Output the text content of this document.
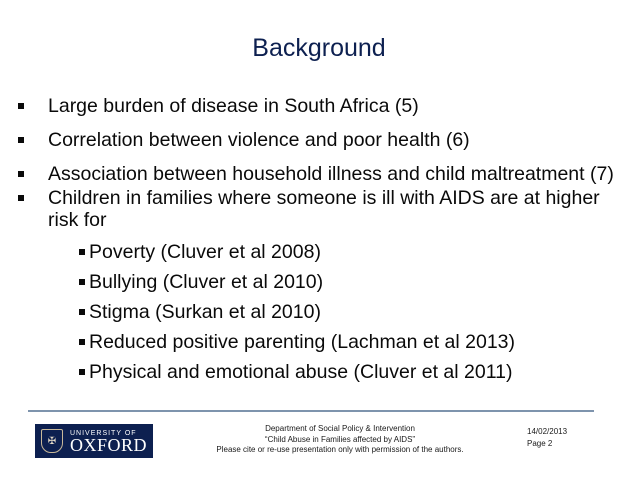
Background
Large burden of disease in South Africa (5)
Correlation between violence and poor health (6)
Association between household illness and child maltreatment (7)
Children in families where someone is ill with AIDS are at higher risk for
Poverty (Cluver et al 2008)
Bullying (Cluver et al 2010)
Stigma (Surkan et al 2010)
Reduced positive parenting (Lachman et al 2013)
Physical and emotional abuse (Cluver et al 2011)
✠
UNIVERSITY OF
OXFORD
Department of Social Policy & Intervention
“Child Abuse in Families affected by AIDS”
Please cite or re-use presentation only with permission of the authors.
14/02/2013
Page 2
